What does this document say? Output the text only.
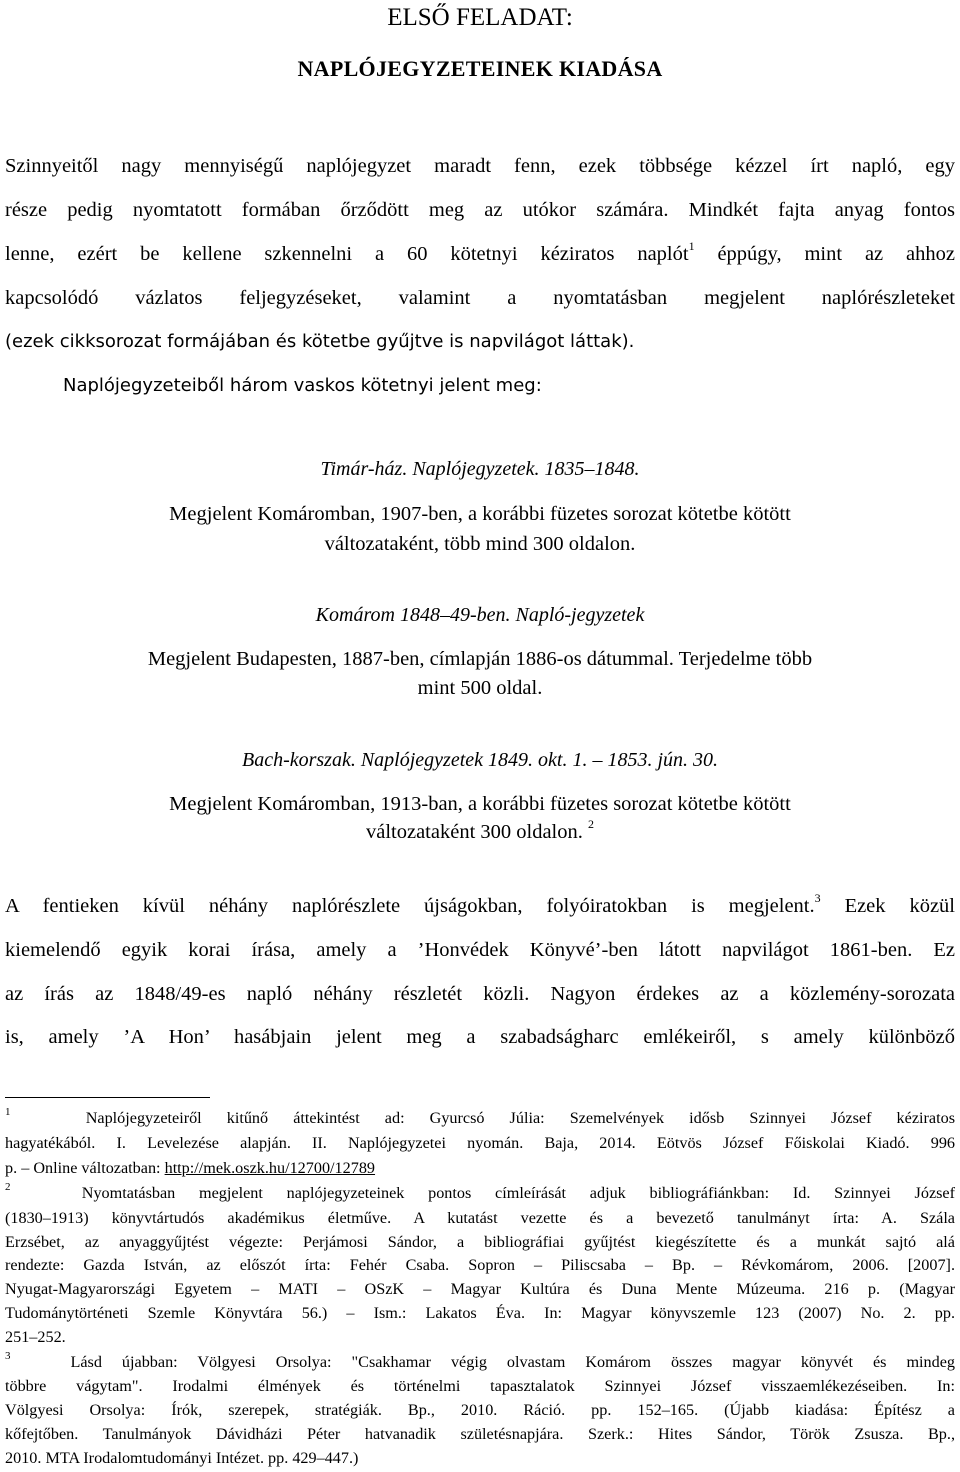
ELSŐ FELADAT:
NAPLÓJEGYZETEINEK KIADÁSA
Szinnyeitől nagy mennyiségű naplójegyzet maradt fenn, ezek többsége kézzel írt napló, egy
része pedig nyomtatott formában őrződött meg az utókor számára. Mindkét fajta anyag fontos
lenne, ezért be kellene szkennelni a 60 kötetnyi kéziratos naplót$^1$ éppúgy, mint az ahhoz
kapcsolódó vázlatos feljegyzéseket, valamint a nyomtatásban megjelent naplórészleteket
(ezek cikksorozat formájában és kötetbe gyűjtve is napvilágot láttak).
Naplójegyzeteiből három vaskos kötetnyi jelent meg:
Timár-ház. Naplójegyzetek. 1835–1848.
Megjelent Komáromban, 1907-ben, a korábbi füzetes sorozat kötetbe kötött
változataként, több mind 300 oldalon.
Komárom 1848–49-ben. Napló-jegyzetek
Megjelent Budapesten, 1887-ben, címlapján 1886-os dátummal. Terjedelme több
mint 500 oldal.
Bach-korszak. Naplójegyzetek 1849. okt. 1. – 1853. jún. 30.
Megjelent Komáromban, 1913-ban, a korábbi füzetes sorozat kötetbe kötött
változataként 300 oldalon. $^2$
A fentieken kívül néhány naplórészlete újságokban, folyóiratokban is megjelent.$^3$ Ezek közül
kiemelendő egyik korai írása, amely a ’Honvédek Könyvé’-ben látott napvilágot 1861-ben. Ez
az írás az 1848/49-es napló néhány részletét közli. Nagyon érdekes az a közlemény-sorozata
is, amely ’A Hon’ hasábjain jelent meg a szabadságharc emlékeiről, s amely különböző
$^1$	Naplójegyzeteiről kitűnő áttekintést ad: Gyurcsó Júlia: Szemelvények idősb Szinnyei József kéziratos
hagyatékából. I. Levelezése alapján. II. Naplójegyzetei nyomán. Baja, 2014. Eötvös József Főiskolai Kiadó. 996
p. – Online változatban: http://mek.oszk.hu/12700/12789
$^2$	Nyomtatásban megjelent naplójegyzeteinek pontos címleírását adjuk bibliográfiánkban: Id. Szinnyei József
(1830–1913) könyvtártudós akadémikus életműve. A kutatást vezette és a bevezető tanulmányt írta: A. Szála
Erzsébet, az anyaggyűjtést végezte: Perjámosi Sándor, a bibliográfiai gyűjtést kiegészítette és a munkát sajtó alá
rendezte: Gazda István, az előszót írta: Fehér Csaba. Sopron – Piliscsaba – Bp. – Révkomárom, 2006. [2007].
Nyugat-Magyarországi Egyetem – MATI – OSzK – Magyar Kultúra és Duna Mente Múzeuma. 216 p. (Magyar
Tudománytörténeti Szemle Könyvtára 56.) – Ism.: Lakatos Éva. In: Magyar könyvszemle 123 (2007) No. 2. pp.
251–252.
$^3$	Lásd újabban: Völgyesi Orsolya: "Csakhamar végig olvastam Komárom összes magyar könyvét és mindeg
többre vágytam". Irodalmi élmények és történelmi tapasztalatok Szinnyei József visszaemlékezéseiben. In:
Völgyesi Orsolya: Írók, szerepek, stratégiák. Bp., 2010. Ráció. pp. 152–165. (Újabb kiadása: Építész a
kőfejtőben. Tanulmányok Dávidházi Péter hatvanadik születésnapjára. Szerk.: Hites Sándor, Török Zsusza. Bp.,
2010. MTA Irodalomtudományi Intézet. pp. 429–447.)
